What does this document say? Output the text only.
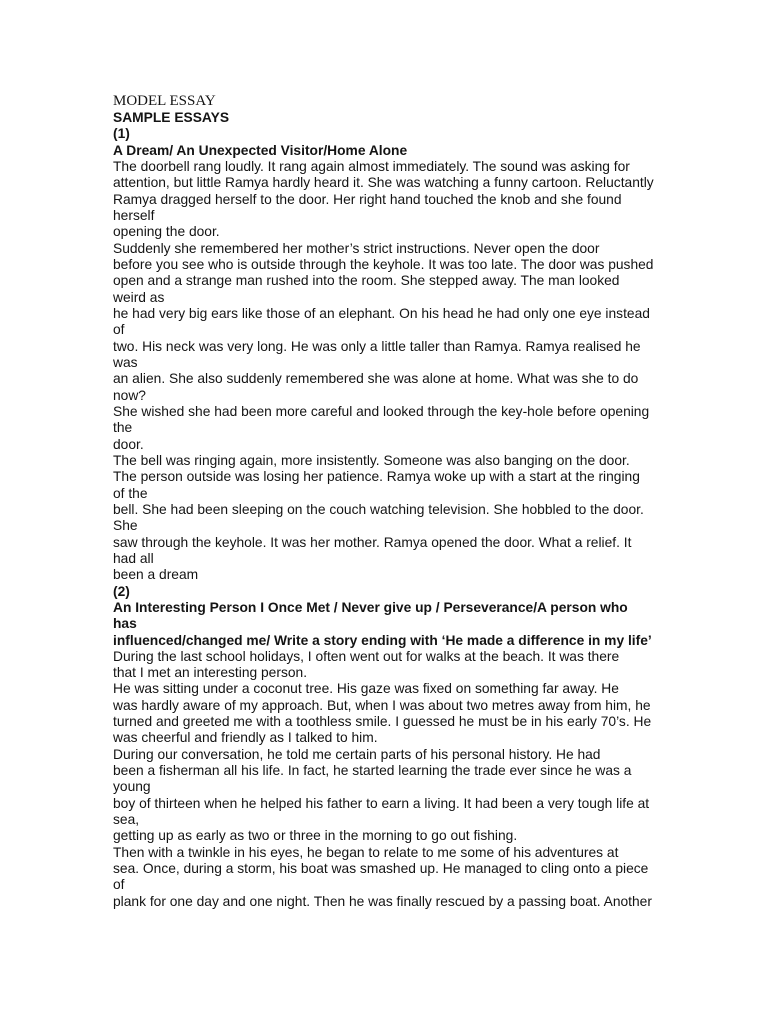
MODEL ESSAY
SAMPLE ESSAYS
(1)
A Dream/ An Unexpected Visitor/Home Alone
The doorbell rang loudly. It rang again almost immediately. The sound was asking for
attention, but little Ramya hardly heard it. She was watching a funny cartoon. Reluctantly
Ramya dragged herself to the door. Her right hand touched the knob and she found
herself
opening the door.
Suddenly she remembered her mother’s strict instructions. Never open the door
before you see who is outside through the keyhole. It was too late. The door was pushed
open and a strange man rushed into the room. She stepped away. The man looked
weird as
he had very big ears like those of an elephant. On his head he had only one eye instead
of
two. His neck was very long. He was only a little taller than Ramya. Ramya realised he
was
an alien. She also suddenly remembered she was alone at home. What was she to do
now?
She wished she had been more careful and looked through the key-hole before opening
the
door.
The bell was ringing again, more insistently. Someone was also banging on the door.
The person outside was losing her patience. Ramya woke up with a start at the ringing
of the
bell. She had been sleeping on the couch watching television. She hobbled to the door.
She
saw through the keyhole. It was her mother. Ramya opened the door. What a relief. It
had all
been a dream
(2)
An Interesting Person I Once Met / Never give up / Perseverance/A person who
has
influenced/changed me/ Write a story ending with ‘He made a difference in my life’
During the last school holidays, I often went out for walks at the beach. It was there
that I met an interesting person.
He was sitting under a coconut tree. His gaze was fixed on something far away. He
was hardly aware of my approach. But, when I was about two metres away from him, he
turned and greeted me with a toothless smile. I guessed he must be in his early 70’s. He
was cheerful and friendly as I talked to him.
During our conversation, he told me certain parts of his personal history. He had
been a fisherman all his life. In fact, he started learning the trade ever since he was a
young
boy of thirteen when he helped his father to earn a living. It had been a very tough life at
sea,
getting up as early as two or three in the morning to go out fishing.
Then with a twinkle in his eyes, he began to relate to me some of his adventures at
sea. Once, during a storm, his boat was smashed up. He managed to cling onto a piece
of
plank for one day and one night. Then he was finally rescued by a passing boat. Another
